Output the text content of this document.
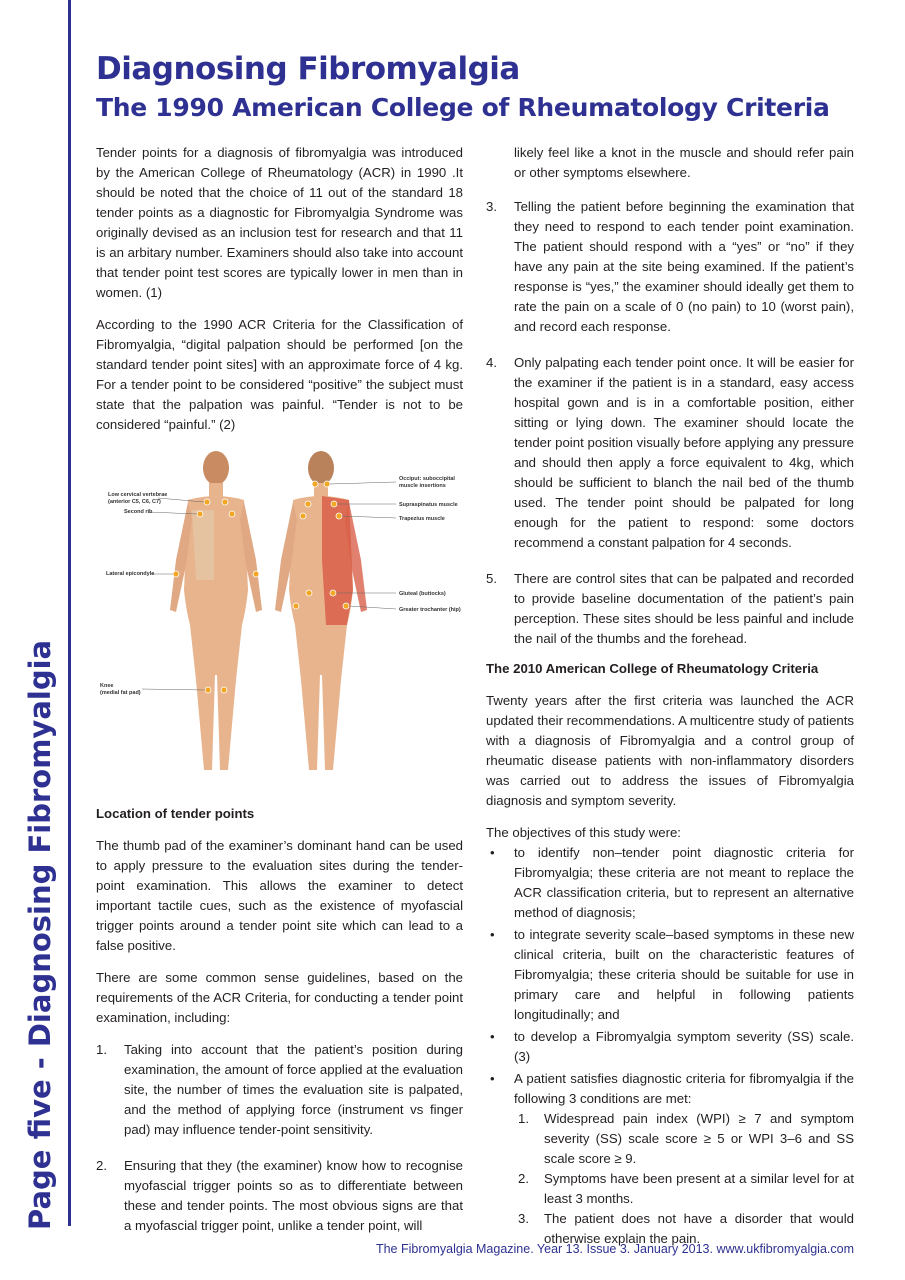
Page five - Diagnosing Fibromyalgia
Diagnosing Fibromyalgia
The 1990 American College of Rheumatology Criteria

Tender points for a diagnosis of fibromyalgia was introduced by the American College of Rheumatology (ACR) in 1990 .It should be noted that the choice of 11 out of the standard 18 tender points as a diagnostic for Fibromyalgia Syndrome was originally devised as an inclusion test for research and that 11 is an arbitary number. Examiners should also take into account that tender point test scores are typically lower in men than in women. (1)

According to the 1990 ACR Criteria for the Classification of Fibromyalgia, “digital palpation should be performed [on the standard tender point sites] with an approximate force of 4 kg. For a tender point to be considered “positive” the subject must state that the palpation was painful. “Tender is not to be considered “painful.” (2)

Low cervical vertebrae
(anterior C5, C6, C7)
Second rib
Lateral epicondyle
Knee
(medial fat pad)
Occiput: suboccipital
muscle insertions
Supraspinatus muscle
Trapezius muscle
Gluteal (buttocks)
Greater trochanter (hip)

Location of tender points

The thumb pad of the examiner’s dominant hand can be used to apply pressure to the evaluation sites during the tender-point examination. This allows the examiner to detect important tactile cues, such as the existence of myofascial trigger points around a tender point site which can lead to a false positive.

There are some common sense guidelines, based on the requirements of the ACR Criteria, for conducting a tender point examination, including:

1. Taking into account that the patient’s position during examination, the amount of force applied at the evaluation site, the number of times the evaluation site is palpated, and the method of applying force (instrument vs finger pad) may influence tender-point sensitivity.
2. Ensuring that they (the examiner) know how to recognise myofascial trigger points so as to differentiate between these and tender points. The most obvious signs are that a myofascial trigger point, unlike a tender point, will

likely feel like a knot in the muscle and should refer pain or other symptoms elsewhere.

3. Telling the patient before beginning the examination that they need to respond to each tender point examination. The patient should respond with a “yes” or “no” if they have any pain at the site being examined. If the patient’s response is “yes,” the examiner should ideally get them to rate the pain on a scale of 0 (no pain) to 10 (worst pain), and record each response.
4. Only palpating each tender point once. It will be easier for the examiner if the patient is in a standard, easy access hospital gown and is in a comfortable position, either sitting or lying down. The examiner should locate the tender point position visually before applying any pressure and should then apply a force equivalent to 4kg, which should be sufficient to blanch the nail bed of the thumb used. The tender point should be palpated for long enough for the patient to respond: some doctors recommend a constant palpation for 4 seconds.
5. There are control sites that can be palpated and recorded to provide baseline documentation of the patient’s pain perception. These sites should be less painful and include the nail of the thumbs and the forehead.

The 2010 American College of Rheumatology Criteria

Twenty years after the first criteria was launched the ACR updated their recommendations. A multicentre study of patients with a diagnosis of Fibromyalgia and a control group of rheumatic disease patients with non-inflammatory disorders was carried out to address the issues of Fibromyalgia diagnosis and symptom severity.

The objectives of this study were:

• to identify non–tender point diagnostic criteria for Fibromyalgia; these criteria are not meant to replace the ACR classification criteria, but to represent an alternative method of diagnosis;
• to integrate severity scale–based symptoms in these new clinical criteria, built on the characteristic features of Fibromyalgia; these criteria should be suitable for use in primary care and helpful in following patients longitudinally; and
• to develop a Fibromyalgia symptom severity (SS) scale. (3)
• A patient satisfies diagnostic criteria for fibromyalgia if the following 3 conditions are met:
1. Widespread pain index (WPI) ≥ 7 and symptom severity (SS) scale score ≥ 5 or WPI 3–6 and SS scale score ≥ 9.
2. Symptoms have been present at a similar level for at least 3 months.
3. The patient does not have a disorder that would otherwise explain the pain.
The Fibromyalgia Magazine. Year 13. Issue 3. January 2013. www.ukfibromyalgia.com
